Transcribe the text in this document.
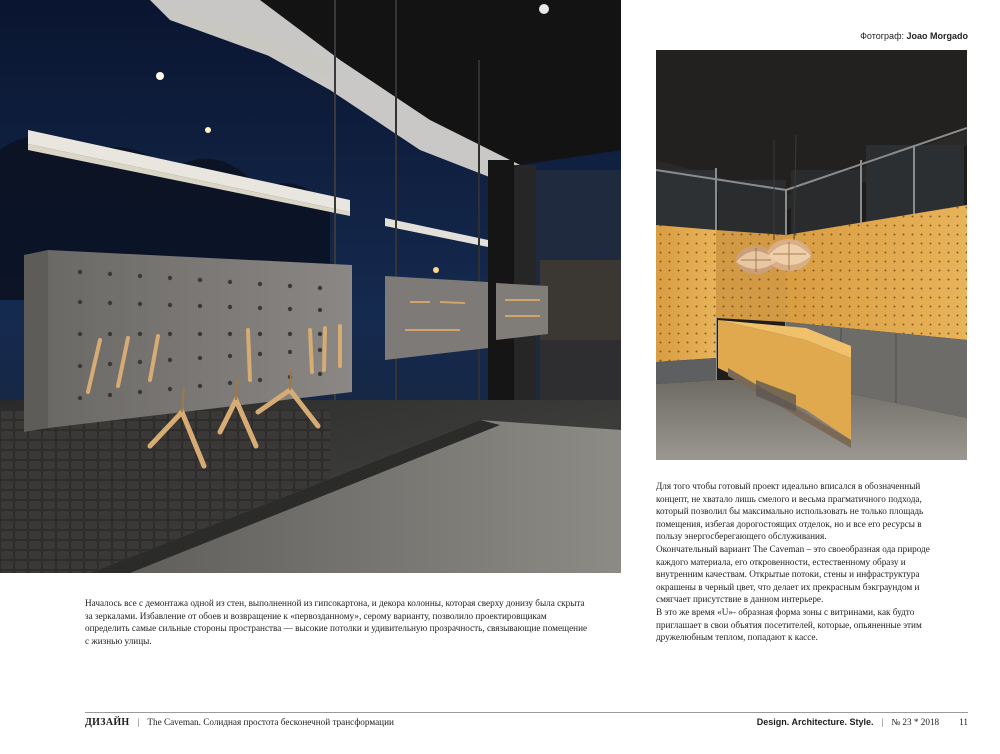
Фотограф: Joao Morgado

Началось все с демонтажа одной из стен, выполненной из гипсокартона, и декора колонны, которая сверху донизу была скрыта за зеркалами. Избавление от обоев и возвращение к «первозданному», серому варианту, позволило проектировщикам определить самые сильные стороны пространства — высокие потолки и удивительную прозрачность, связывающие помещение с жизнью улицы.

Для того чтобы готовый проект идеально вписался в обозначенный концепт, не хватало лишь смелого и весьма прагматичного подхода, который позволил бы максимально использовать не только площадь помещения, избегая дорогостоящих отделок, но и все его ресурсы в пользу энергосберегающего обслуживания.

Окончательный вариант The Caveman – это своеобразная ода природе каждого материала, его откровенности, естественному образу и внутренним качествам. Открытые потоки, стены и инфраструктура окрашены в черный цвет, что делает их прекрасным бэкграундом и смягчает присутствие в данном интерьере.

В это же время «U»- образная форма зоны с витринами, как будто приглашает в свои объятия посетителей, которые, опьяненные этим дружелюбным теплом, попадают к кассе.

ДИЗАЙН | The Caveman. Солидная простота бесконечной трансформации	Design. Architecture. Style. | № 23 * 2018 11
